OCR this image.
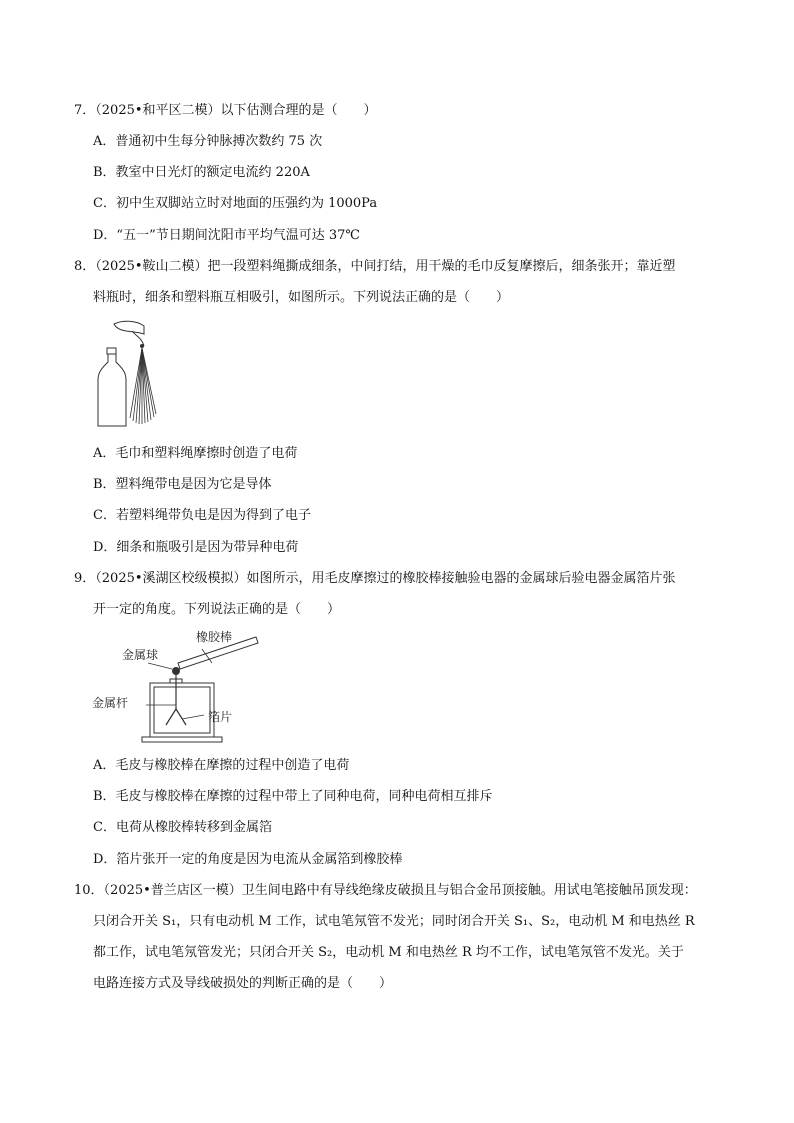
7．（2025•和平区二模）以下估测合理的是（　　）
A．普通初中生每分钟脉搏次数约 75 次
B．教室中日光灯的额定电流约 220A
C．初中生双脚站立时对地面的压强约为 1000Pa
D．“五一”节日期间沈阳市平均气温可达 37℃
8．（2025•鞍山二模）把一段塑料绳撕成细条，中间打结，用干燥的毛巾反复摩擦后，细条张开；靠近塑
料瓶时，细条和塑料瓶互相吸引，如图所示。下列说法正确的是（　　）
A．毛巾和塑料绳摩擦时创造了电荷
B．塑料绳带电是因为它是导体
C．若塑料绳带负电是因为得到了电子
D．细条和瓶吸引是因为带异种电荷
9．（2025•溪湖区校级模拟）如图所示，用毛皮摩擦过的橡胶棒接触验电器的金属球后验电器金属箔片张
开一定的角度。下列说法正确的是（　　）
橡胶棒
金属球
金属杆
箔片
A．毛皮与橡胶棒在摩擦的过程中创造了电荷
B．毛皮与橡胶棒在摩擦的过程中带上了同种电荷，同种电荷相互排斥
C．电荷从橡胶棒转移到金属箔
D．箔片张开一定的角度是因为电流从金属箔到橡胶棒
10．（2025•普兰店区一模）卫生间电路中有导线绝缘皮破损且与铝合金吊顶接触。用试电笔接触吊顶发现：
只闭合开关 S₁，只有电动机 M 工作，试电笔氖管不发光；同时闭合开关 S₁、S₂，电动机 M 和电热丝 R
都工作，试电笔氖管发光；只闭合开关 S₂，电动机 M 和电热丝 R 均不工作，试电笔氖管不发光。关于
电路连接方式及导线破损处的判断正确的是（　　）
